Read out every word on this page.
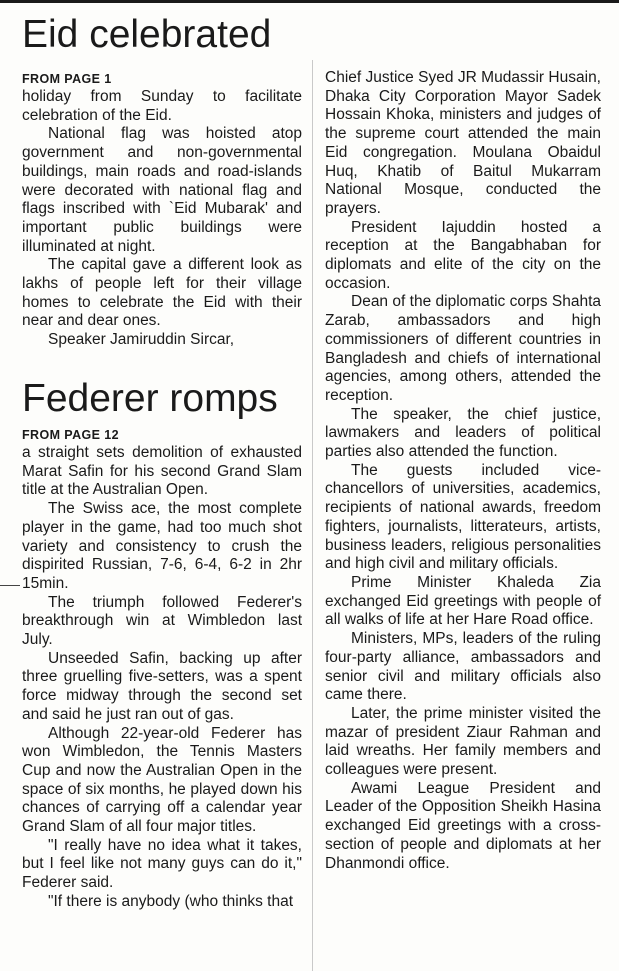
Eid celebrated
FROM PAGE 1

holiday from Sunday to facilitate celebration of the Eid.

National flag was hoisted atop government and non-governmental buildings, main roads and road-islands were decorated with national flag and flags inscribed with `Eid Mubarak' and important public buildings were illuminated at night.

The capital gave a different look as lakhs of people left for their village homes to celebrate the Eid with their near and dear ones.

Speaker Jamiruddin Sircar,

Federer romps
FROM PAGE 12

a straight sets demolition of exhausted Marat Safin for his second Grand Slam title at the Australian Open.

The Swiss ace, the most complete player in the game, had too much shot variety and consistency to crush the dispirited Russian, 7-6, 6-4, 6-2 in 2hr 15min.

The triumph followed Federer's breakthrough win at Wimbledon last July.

Unseeded Safin, backing up after three gruelling five-setters, was a spent force midway through the second set and said he just ran out of gas.

Although 22-year-old Federer has won Wimbledon, the Tennis Masters Cup and now the Australian Open in the space of six months, he played down his chances of carrying off a calendar year Grand Slam of all four major titles.

"I really have no idea what it takes, but I feel like not many guys can do it," Federer said.

"If there is anybody (who thinks that

Chief Justice Syed JR Mudassir Husain, Dhaka City Corporation Mayor Sadek Hossain Khoka, ministers and judges of the supreme court attended the main Eid congregation. Moulana Obaidul Huq, Khatib of Baitul Mukarram National Mosque, conducted the prayers.

President Iajuddin hosted a reception at the Bangabhaban for diplomats and elite of the city on the occasion.

Dean of the diplomatic corps Shahta Zarab, ambassadors and high commissioners of different countries in Bangladesh and chiefs of international agencies, among others, attended the reception.

The speaker, the chief justice, lawmakers and leaders of political parties also attended the function.

The guests included vice-chancellors of universities, academics, recipients of national awards, freedom fighters, journalists, litterateurs, artists, business leaders, religious personalities and high civil and military officials.

Prime Minister Khaleda Zia exchanged Eid greetings with people of all walks of life at her Hare Road office.

Ministers, MPs, leaders of the ruling four-party alliance, ambassadors and senior civil and military officials also came there.

Later, the prime minister visited the mazar of president Ziaur Rahman and laid wreaths. Her family members and colleagues were present.

Awami League President and Leader of the Opposition Sheikh Hasina exchanged Eid greetings with a cross-section of people and diplomats at her Dhanmondi office.
